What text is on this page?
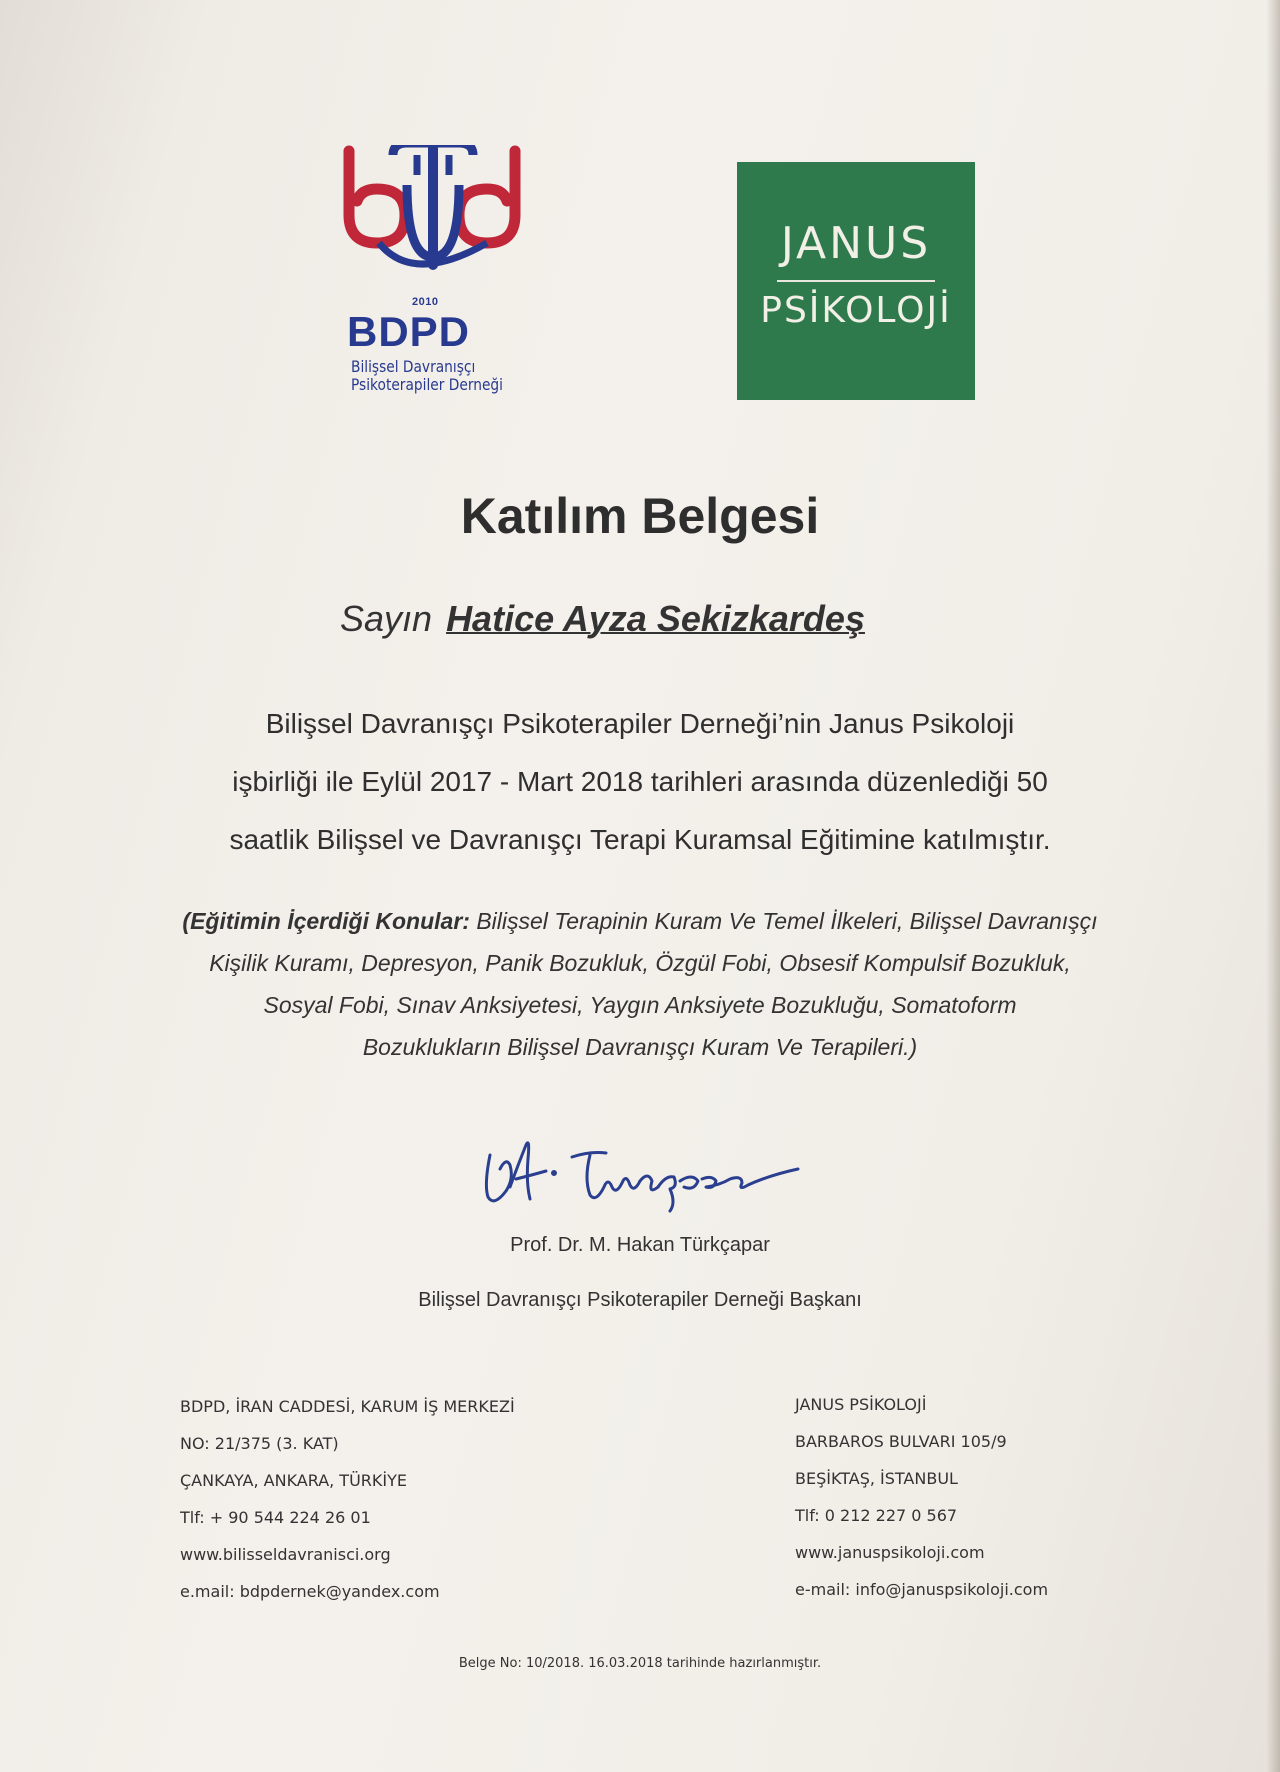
2010
BDPD
Bilişsel Davranışçı
Psikoterapiler Derneği
JANUS
PSİKOLOJİ
Katılım Belgesi
Sayın Hatice Ayza Sekizkardeş
Bilişsel Davranışçı Psikoterapiler Derneği’nin Janus Psikoloji
işbirliği ile Eylül 2017 - Mart 2018 tarihleri arasında düzenlediği 50
saatlik Bilişsel ve Davranışçı Terapi Kuramsal Eğitimine katılmıştır.
(Eğitimin İçerdiği Konular: Bilişsel Terapinin Kuram Ve Temel İlkeleri, Bilişsel Davranışçı
Kişilik Kuramı, Depresyon, Panik Bozukluk, Özgül Fobi, Obsesif Kompulsif Bozukluk,
Sosyal Fobi, Sınav Anksiyetesi, Yaygın Anksiyete Bozukluğu, Somatoform
Bozuklukların Bilişsel Davranışçı Kuram Ve Terapileri.)
Prof. Dr. M. Hakan Türkçapar
Bilişsel Davranışçı Psikoterapiler Derneği Başkanı
BDPD, İRAN CADDESİ, KARUM İŞ MERKEZİ
NO: 21/375 (3. KAT)
ÇANKAYA, ANKARA, TÜRKİYE
Tlf: + 90 544 224 26 01
www.bilisseldavranisci.org
e.mail: bdpdernek@yandex.com
JANUS PSİKOLOJİ
BARBAROS BULVARI 105/9
BEŞİKTAŞ, İSTANBUL
Tlf: 0 212 227 0 567
www.januspsikoloji.com
e-mail: info@januspsikoloji.com
Belge No: 10/2018. 16.03.2018 tarihinde hazırlanmıştır.
